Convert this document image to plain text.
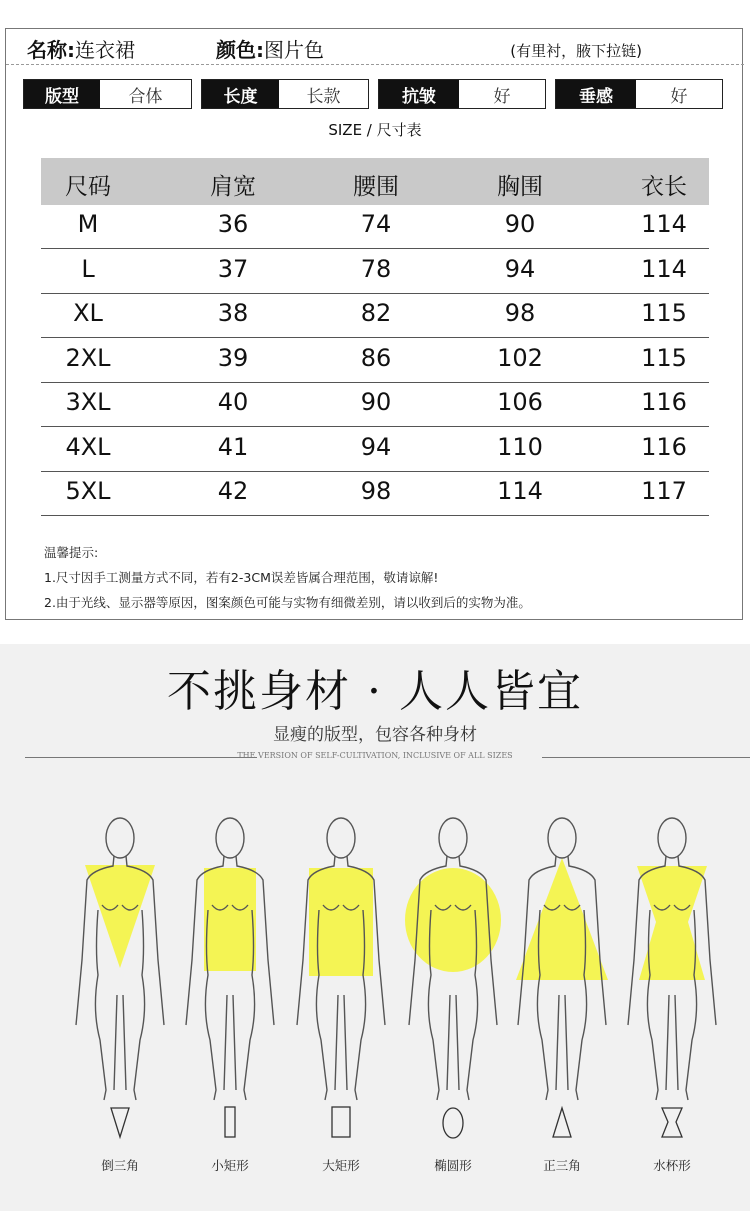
名称:连衣裙	颜色:图片色	(有里衬，腋下拉链)
版型	合体	长度	长款	抗皱	好	垂感	好
SIZE / 尺寸表
尺码	肩宽	腰围	胸围	衣长
M	36	74	90	114
L	37	78	94	114
XL	38	82	98	115
2XL	39	86	102	115
3XL	40	90	106	116
4XL	41	94	110	116
5XL	42	98	114	117
温馨提示:
1.尺寸因手工测量方式不同，若有2-3CM误差皆属合理范围，敬请谅解!
2.由于光线、显示器等原因，图案颜色可能与实物有细微差别，请以收到后的实物为准。
不挑身材 · 人人皆宜
显瘦的版型，包容各种身材
THE VERSION OF SELF-CULTIVATION, INCLUSIVE OF ALL SIZES
倒三角	小矩形	大矩形	椭圆形	正三角	水杯形
